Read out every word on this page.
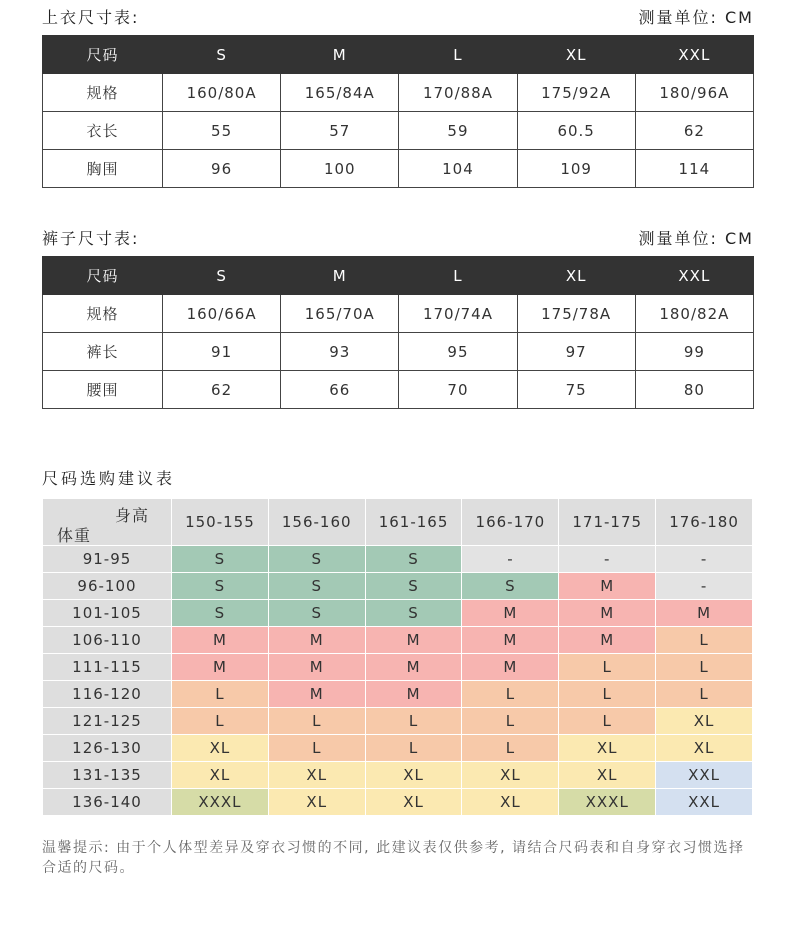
上衣尺寸表:	测量单位: CM
尺码	S	M	L	XL	XXL
规格	160/80A	165/84A	170/88A	175/92A	180/96A
衣长	55	57	59	60.5	62
胸围	96	100	104	109	114
裤子尺寸表:	测量单位: CM
尺码	S	M	L	XL	XXL
规格	160/66A	165/70A	170/74A	175/78A	180/82A
裤长	91	93	95	97	99
腰围	62	66	70	75	80
尺码选购建议表
身高
体重	150-155	156-160	161-165	166-170	171-175	176-180
91-95	S	S	S	-	-	-
96-100	S	S	S	S	M	-
101-105	S	S	S	M	M	M
106-110	M	M	M	M	M	L
111-115	M	M	M	M	L	L
116-120	L	M	M	L	L	L
121-125	L	L	L	L	L	XL
126-130	XL	L	L	L	XL	XL
131-135	XL	XL	XL	XL	XL	XXL
136-140	XXXL	XL	XL	XL	XXXL	XXL
温馨提示: 由于个人体型差异及穿衣习惯的不同, 此建议表仅供参考, 请结合尺码表和自身穿衣习惯选择合适的尺码。
